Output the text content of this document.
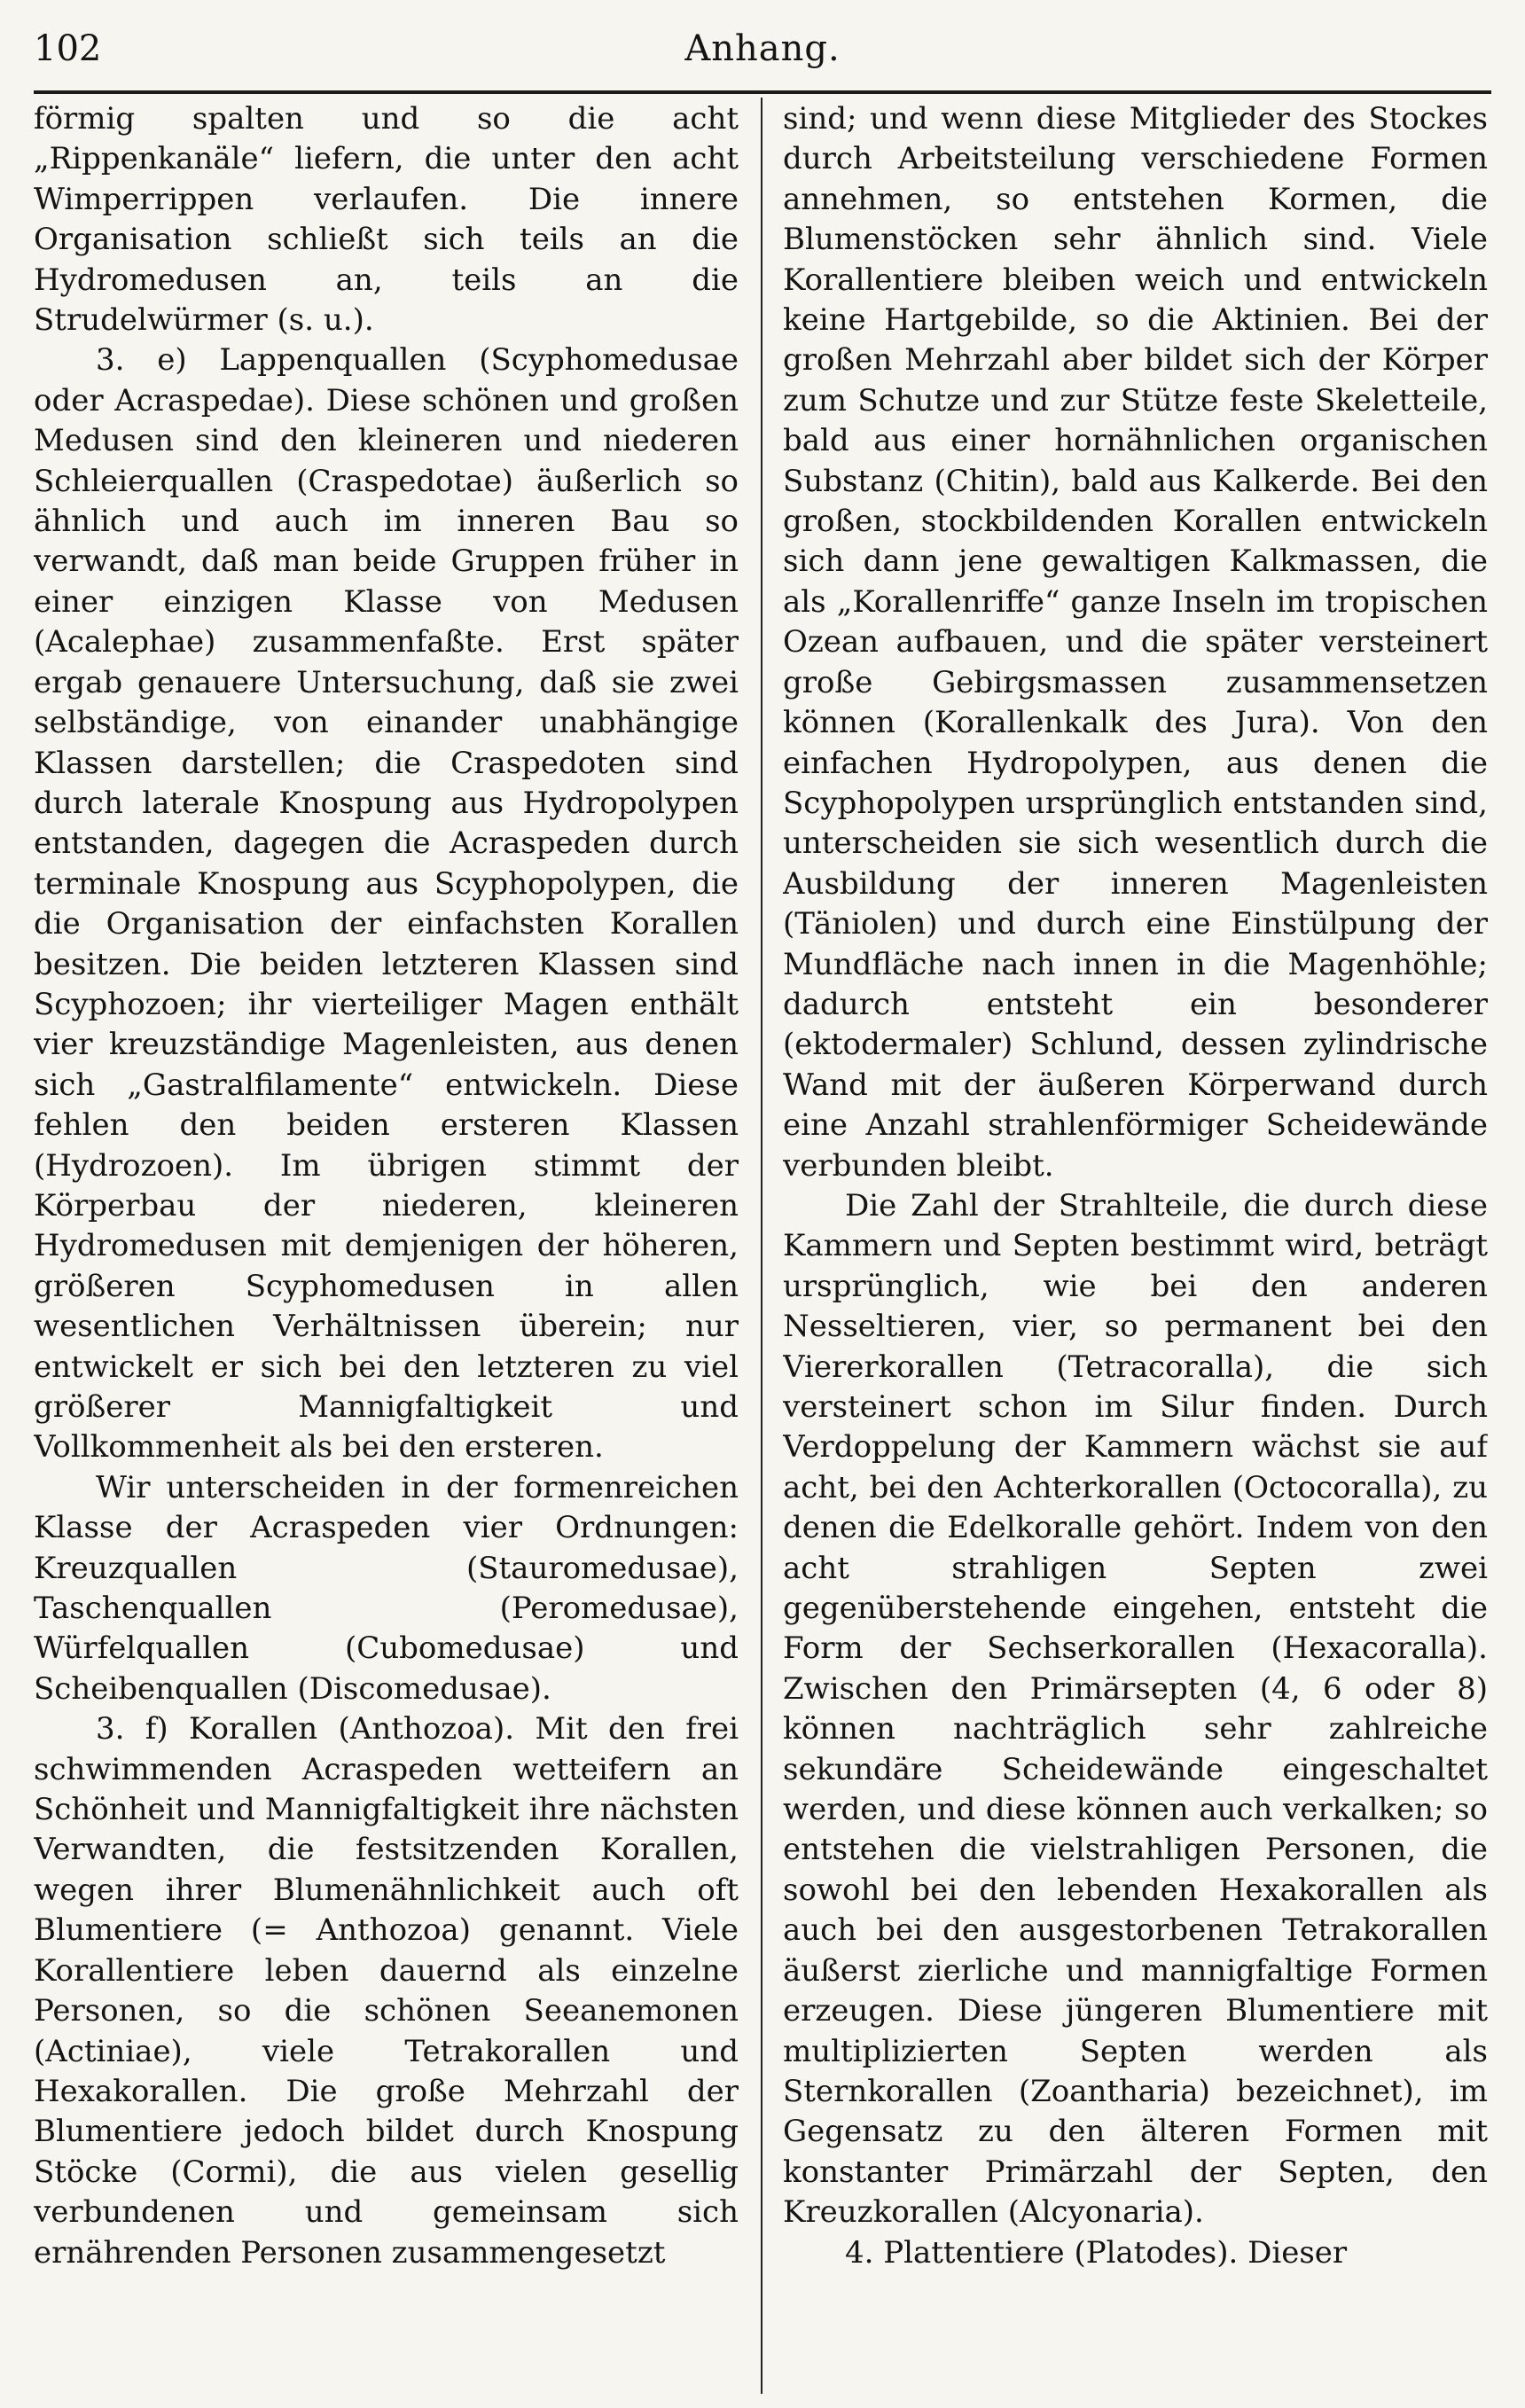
102	Anhang.

förmig spalten und so die acht „Rippenkanäle“ liefern, die unter den acht Wimperrippen verlaufen. Die innere Organisation schließt sich teils an die Hydromedusen an, teils an die Strudelwürmer (s. u.).

3. e) Lappenquallen (Scyphomedusae oder Acraspedae). Diese schönen und großen Medusen sind den kleineren und niederen Schleierquallen (Craspedotae) äußerlich so ähnlich und auch im inneren Bau so verwandt, daß man beide Gruppen früher in einer einzigen Klasse von Medusen (Acalephae) zusammenfaßte. Erst später ergab genauere Untersuchung, daß sie zwei selbständige, von einander unabhängige Klassen darstellen; die Craspedoten sind durch laterale Knospung aus Hydropolypen entstanden, dagegen die Acraspeden durch terminale Knospung aus Scyphopolypen, die die Organisation der einfachsten Korallen besitzen. Die beiden letzteren Klassen sind Scyphozoen; ihr vierteiliger Magen enthält vier kreuzständige Magenleisten, aus denen sich „Gastralfilamente“ entwickeln. Diese fehlen den beiden ersteren Klassen (Hydrozoen). Im übrigen stimmt der Körperbau der niederen, kleineren Hydromedusen mit demjenigen der höheren, größeren Scyphomedusen in allen wesentlichen Verhältnissen überein; nur entwickelt er sich bei den letzteren zu viel größerer Mannigfaltigkeit und Vollkommenheit als bei den ersteren.

Wir unterscheiden in der formenreichen Klasse der Acraspeden vier Ordnungen: Kreuzquallen (Stauromedusae), Taschenquallen (Peromedusae), Würfelquallen (Cubomedusae) und Scheibenquallen (Discomedusae).

3. f) Korallen (Anthozoa). Mit den frei schwimmenden Acraspeden wetteifern an Schönheit und Mannigfaltigkeit ihre nächsten Verwandten, die festsitzenden Korallen, wegen ihrer Blumenähnlichkeit auch oft Blumentiere (= Anthozoa) genannt. Viele Korallentiere leben dauernd als einzelne Personen, so die schönen Seeanemonen (Actiniae), viele Tetrakorallen und Hexakorallen. Die große Mehrzahl der Blumentiere jedoch bildet durch Knospung Stöcke (Cormi), die aus vielen gesellig verbundenen und gemeinsam sich ernährenden Personen zusammengesetzt

sind; und wenn diese Mitglieder des Stockes durch Arbeitsteilung verschiedene Formen annehmen, so entstehen Kormen, die Blumenstöcken sehr ähnlich sind. Viele Korallentiere bleiben weich und entwickeln keine Hartgebilde, so die Aktinien. Bei der großen Mehrzahl aber bildet sich der Körper zum Schutze und zur Stütze feste Skeletteile, bald aus einer hornähnlichen organischen Substanz (Chitin), bald aus Kalkerde. Bei den großen, stockbildenden Korallen entwickeln sich dann jene gewaltigen Kalkmassen, die als „Korallenriffe“ ganze Inseln im tropischen Ozean aufbauen, und die später versteinert große Gebirgsmassen zusammensetzen können (Korallenkalk des Jura). Von den einfachen Hydropolypen, aus denen die Scyphopolypen ursprünglich entstanden sind, unterscheiden sie sich wesentlich durch die Ausbildung der inneren Magenleisten (Täniolen) und durch eine Einstülpung der Mundfläche nach innen in die Magenhöhle; dadurch entsteht ein besonderer (ektodermaler) Schlund, dessen zylindrische Wand mit der äußeren Körperwand durch eine Anzahl strahlenförmiger Scheidewände verbunden bleibt.

Die Zahl der Strahlteile, die durch diese Kammern und Septen bestimmt wird, beträgt ursprünglich, wie bei den anderen Nesseltieren, vier, so permanent bei den Viererkorallen (Tetracoralla), die sich versteinert schon im Silur finden. Durch Verdoppelung der Kammern wächst sie auf acht, bei den Achterkorallen (Octocoralla), zu denen die Edelkoralle gehört. Indem von den acht strahligen Septen zwei gegenüberstehende eingehen, entsteht die Form der Sechserkorallen (Hexacoralla). Zwischen den Primärsepten (4, 6 oder 8) können nachträglich sehr zahlreiche sekundäre Scheidewände eingeschaltet werden, und diese können auch verkalken; so entstehen die vielstrahligen Personen, die sowohl bei den lebenden Hexakorallen als auch bei den ausgestorbenen Tetrakorallen äußerst zierliche und mannigfaltige Formen erzeugen. Diese jüngeren Blumentiere mit multiplizierten Septen werden als Sternkorallen (Zoantharia) bezeichnet), im Gegensatz zu den älteren Formen mit konstanter Primärzahl der Septen, den Kreuzkorallen (Alcyonaria).

4. Plattentiere (Platodes). Dieser
